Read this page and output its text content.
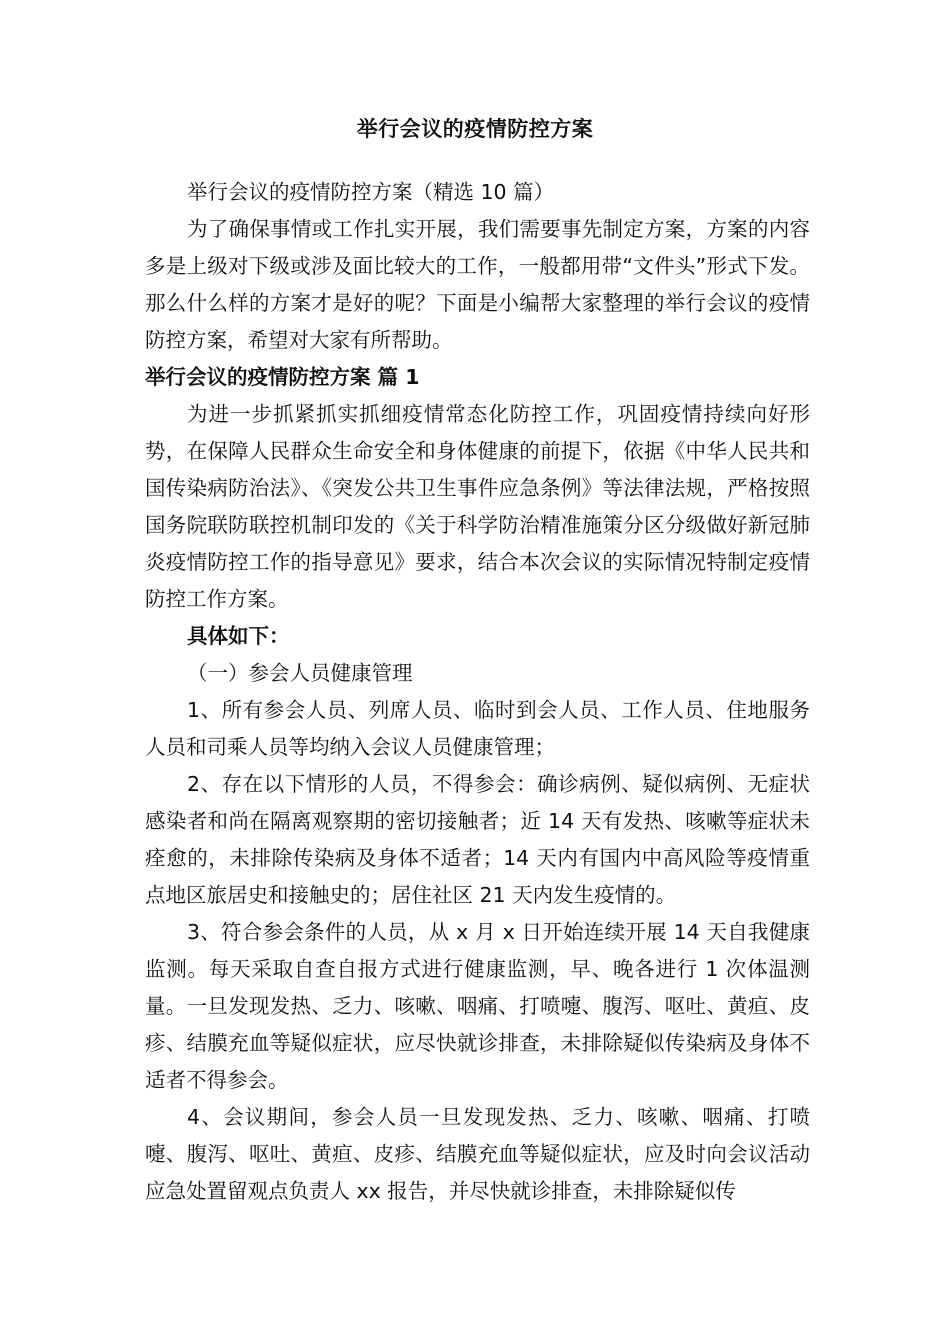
举行会议的疫情防控方案

举行会议的疫情防控方案（精选 10 篇）

为了确保事情或工作扎实开展，我们需要事先制定方案，方案的内容多是上级对下级或涉及面比较大的工作，一般都用带“文件头”形式下发。那么什么样的方案才是好的呢？下面是小编帮大家整理的举行会议的疫情防控方案，希望对大家有所帮助。

举行会议的疫情防控方案 篇 1

为进一步抓紧抓实抓细疫情常态化防控工作，巩固疫情持续向好形势，在保障人民群众生命安全和身体健康的前提下，依据《中华人民共和国传染病防治法》、《突发公共卫生事件应急条例》等法律法规，严格按照国务院联防联控机制印发的《关于科学防治精准施策分区分级做好新冠肺炎疫情防控工作的指导意见》要求，结合本次会议的实际情况特制定疫情防控工作方案。

具体如下：

（一）参会人员健康管理

1、所有参会人员、列席人员、临时到会人员、工作人员、住地服务人员和司乘人员等均纳入会议人员健康管理；

2、存在以下情形的人员，不得参会：确诊病例、疑似病例、无症状感染者和尚在隔离观察期的密切接触者；近 14 天有发热、咳嗽等症状未痊愈的，未排除传染病及身体不适者；14 天内有国内中高风险等疫情重点地区旅居史和接触史的；居住社区 21 天内发生疫情的。

3、符合参会条件的人员，从 x 月 x 日开始连续开展 14 天自我健康监测。每天采取自查自报方式进行健康监测，早、晚各进行 1 次体温测量。一旦发现发热、乏力、咳嗽、咽痛、打喷嚏、腹泻、呕吐、黄疸、皮疹、结膜充血等疑似症状，应尽快就诊排查，未排除疑似传染病及身体不适者不得参会。

4、会议期间，参会人员一旦发现发热、乏力、咳嗽、咽痛、打喷嚏、腹泻、呕吐、黄疸、皮疹、结膜充血等疑似症状，应及时向会议活动应急处置留观点负责人 xx 报告，并尽快就诊排查，未排除疑似传
